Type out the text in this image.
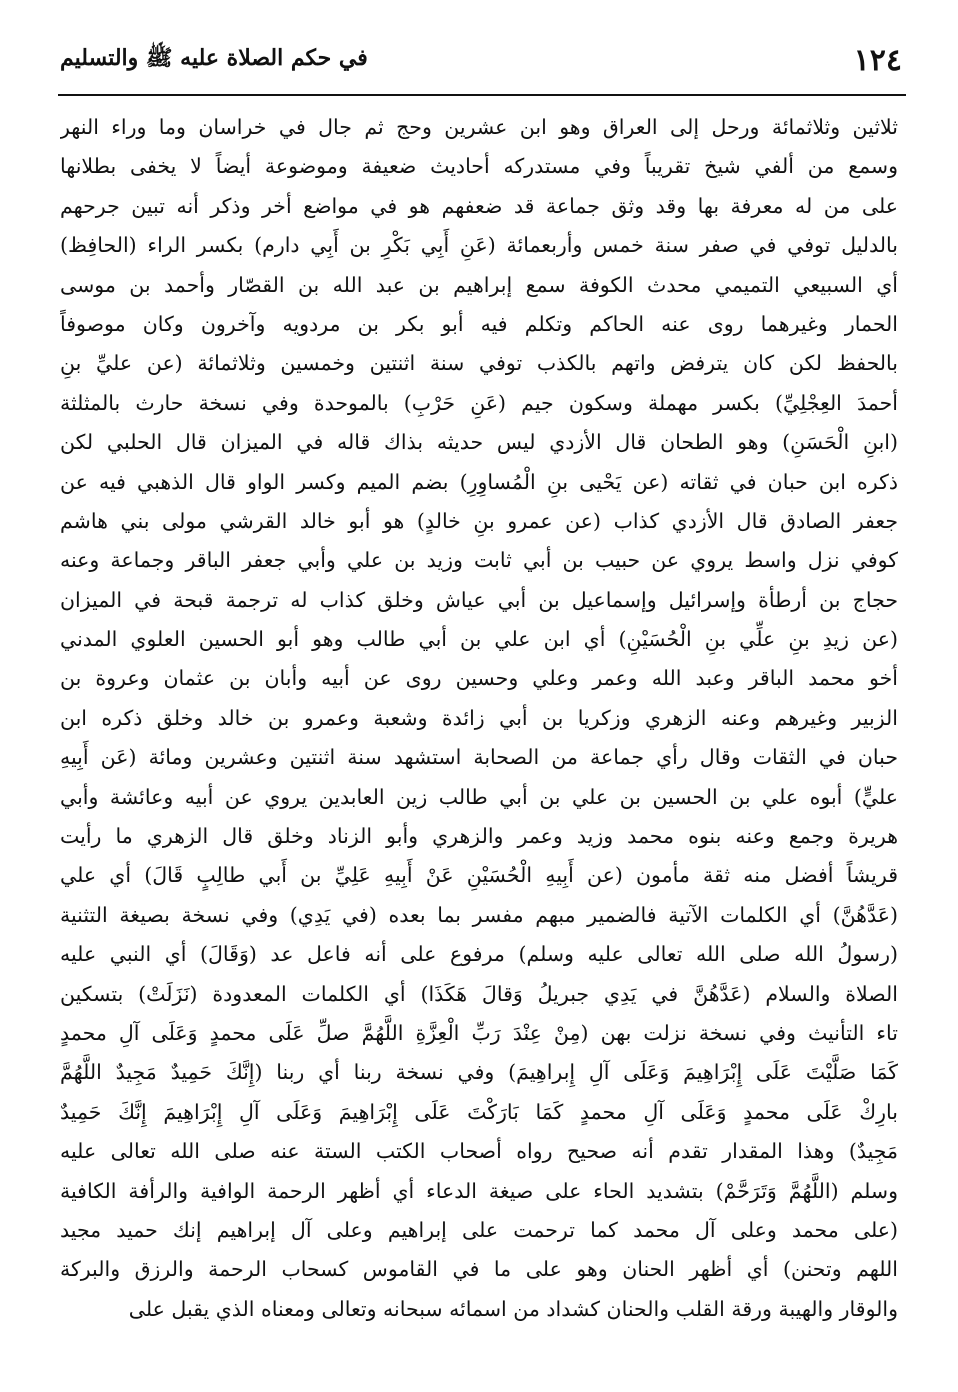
١٢٤
في حكم الصلاة عليه ﷺ والتسليم
ثلاثين وثلاثمائة ورحل إلى العراق وهو ابن عشرين وحج ثم جال في خراسان وما وراء النهر
وسمع من ألفي شيخ تقريباً وفي مستدركه أحاديث ضعيفة وموضوعة أيضاً لا يخفى بطلانها
على من له معرفة بها وقد وثق جماعة قد ضعفهم هو في مواضع أخر وذكر أنه تبين جرحهم
بالدليل توفي في صفر سنة خمس وأربعمائة (عَنِ أَبِي بَكْرِ بن أَبِي دارم) بكسر الراء (الحافِظ)
أي السبيعي التميمي محدث الكوفة سمع إبراهيم بن عبد الله بن القصّار وأحمد بن موسى
الحمار وغيرهما روى عنه الحاكم وتكلم فيه أبو بكر بن مردويه وآخرون وكان موصوفاً
بالحفظ لكن كان يترفض واتهم بالكذب توفي سنة اثنتين وخمسين وثلاثمائة (عن عليِّ بنِ
أحمدَ العِجْلِيِّ) بكسر مهملة وسكون جيم (عَنِ حَرْبِ) بالموحدة وفي نسخة حارث بالمثلثة
(ابنِ الْحَسَنِ) وهو الطحان قال الأزدي ليس حديثه بذاك قاله في الميزان قال الحلبي لكن
ذكره ابن حبان في ثقاته (عن يَحْيى بنِ الْمُساوِرِ) بضم الميم وكسر الواو قال الذهبي فيه عن
جعفر الصادق قال الأزدي كذاب (عن عمرو بنِ خالدٍ) هو أبو خالد القرشي مولى بني هاشم
كوفي نزل واسط يروي عن حبيب بن أبي ثابت وزيد بن علي وأبي جعفر الباقر وجماعة وعنه
حجاج بن أرطأة وإسرائيل وإسماعيل بن أبي عياش وخلق كذاب له ترجمة قبحة في الميزان
(عن زيدِ بنِ علِّي بنِ الْحُسَيْنِ) أي ابن علي بن أبي طالب وهو أبو الحسين العلوي المدني
أخو محمد الباقر وعبد الله وعمر وعلي وحسين روى عن أبيه وأبان بن عثمان وعروة بن
الزبير وغيرهم وعنه الزهري وزكريا بن أبي زائدة وشعبة وعمرو بن خالد وخلق ذكره ابن
حبان في الثقات وقال رأي جماعة من الصحابة استشهد سنة اثنتين وعشرين ومائة (عَن أَبِيهِ
عليٍّ) أبوه علي بن الحسين بن علي بن أبي طالب زين العابدين يروي عن أبيه وعائشة وأبي
هريرة وجمع وعنه بنوه محمد وزيد وعمر والزهري وأبو الزناد وخلق قال الزهري ما رأيت
قريشاً أفضل منه ثقة مأمون (عن أَبِيهِ الْحُسَيْنِ عَنْ أَبِيهِ عَلِيِّ بن أَبي طالِبٍ قَالَ) أي علي
(عَدَّهُنَّ) أي الكلمات الآتية فالضمير مبهم مفسر بما بعده (في يَدِي) وفي نسخة بصيغة التثنية
(رسولُ الله صلى الله تعالى عليه وسلم) مرفوع على أنه فاعل عد (وَقَالَ) أي النبي عليه
الصلاة والسلام (عَدَّهُنَّ في يَدِي جبريلُ وَقالَ هَكَذَا) أي الكلمات المعدودة (نَزَلَتْ) بتسكين
تاء التأنيث وفي نسخة نزلت بهن (مِنْ عِنْدَ رَبِّ الْعِزَّةِ اللَّهُمَّ صلِّ عَلَى محمدٍ وَعَلَى آلِ محمدٍ
كَمَا صَلَّيْتَ عَلَى إِبْرَاهِيمَ وَعَلَى آلِ إِبراهِيمَ) وفي نسخة ربنا أي ربنا (إِنَّكَ حَمِيدٌ مَجِيدٌ اللَّهُمَّ
بارِكْ عَلَى محمدٍ وَعَلَى آلِ محمدٍ كَمَا بَارَكْتَ عَلَى إِبْرَاهِيمَ وَعَلَى آلِ إِبْرَاهِيمَ إِنَّكَ حَمِيدٌ
مَجِيدٌ) وهذا المقدار تقدم أنه صحيح رواه أصحاب الكتب الستة عنه صلى الله تعالى عليه
وسلم (اللَّهُمَّ وَتَرَحَّمْ) بتشديد الحاء على صيغة الدعاء أي أظهر الرحمة الوافية والرأفة الكافية
(على محمد وعلى آل محمد كما ترحمت على إبراهيم وعلى آل إبراهيم إنك حميد مجيد
اللهم وتحنن) أي أظهر الحنان وهو على ما في القاموس كسحاب الرحمة والرزق والبركة
والوقار والهيبة ورقة القلب والحنان كشداد من اسمائه سبحانه وتعالى ومعناه الذي يقبل على
